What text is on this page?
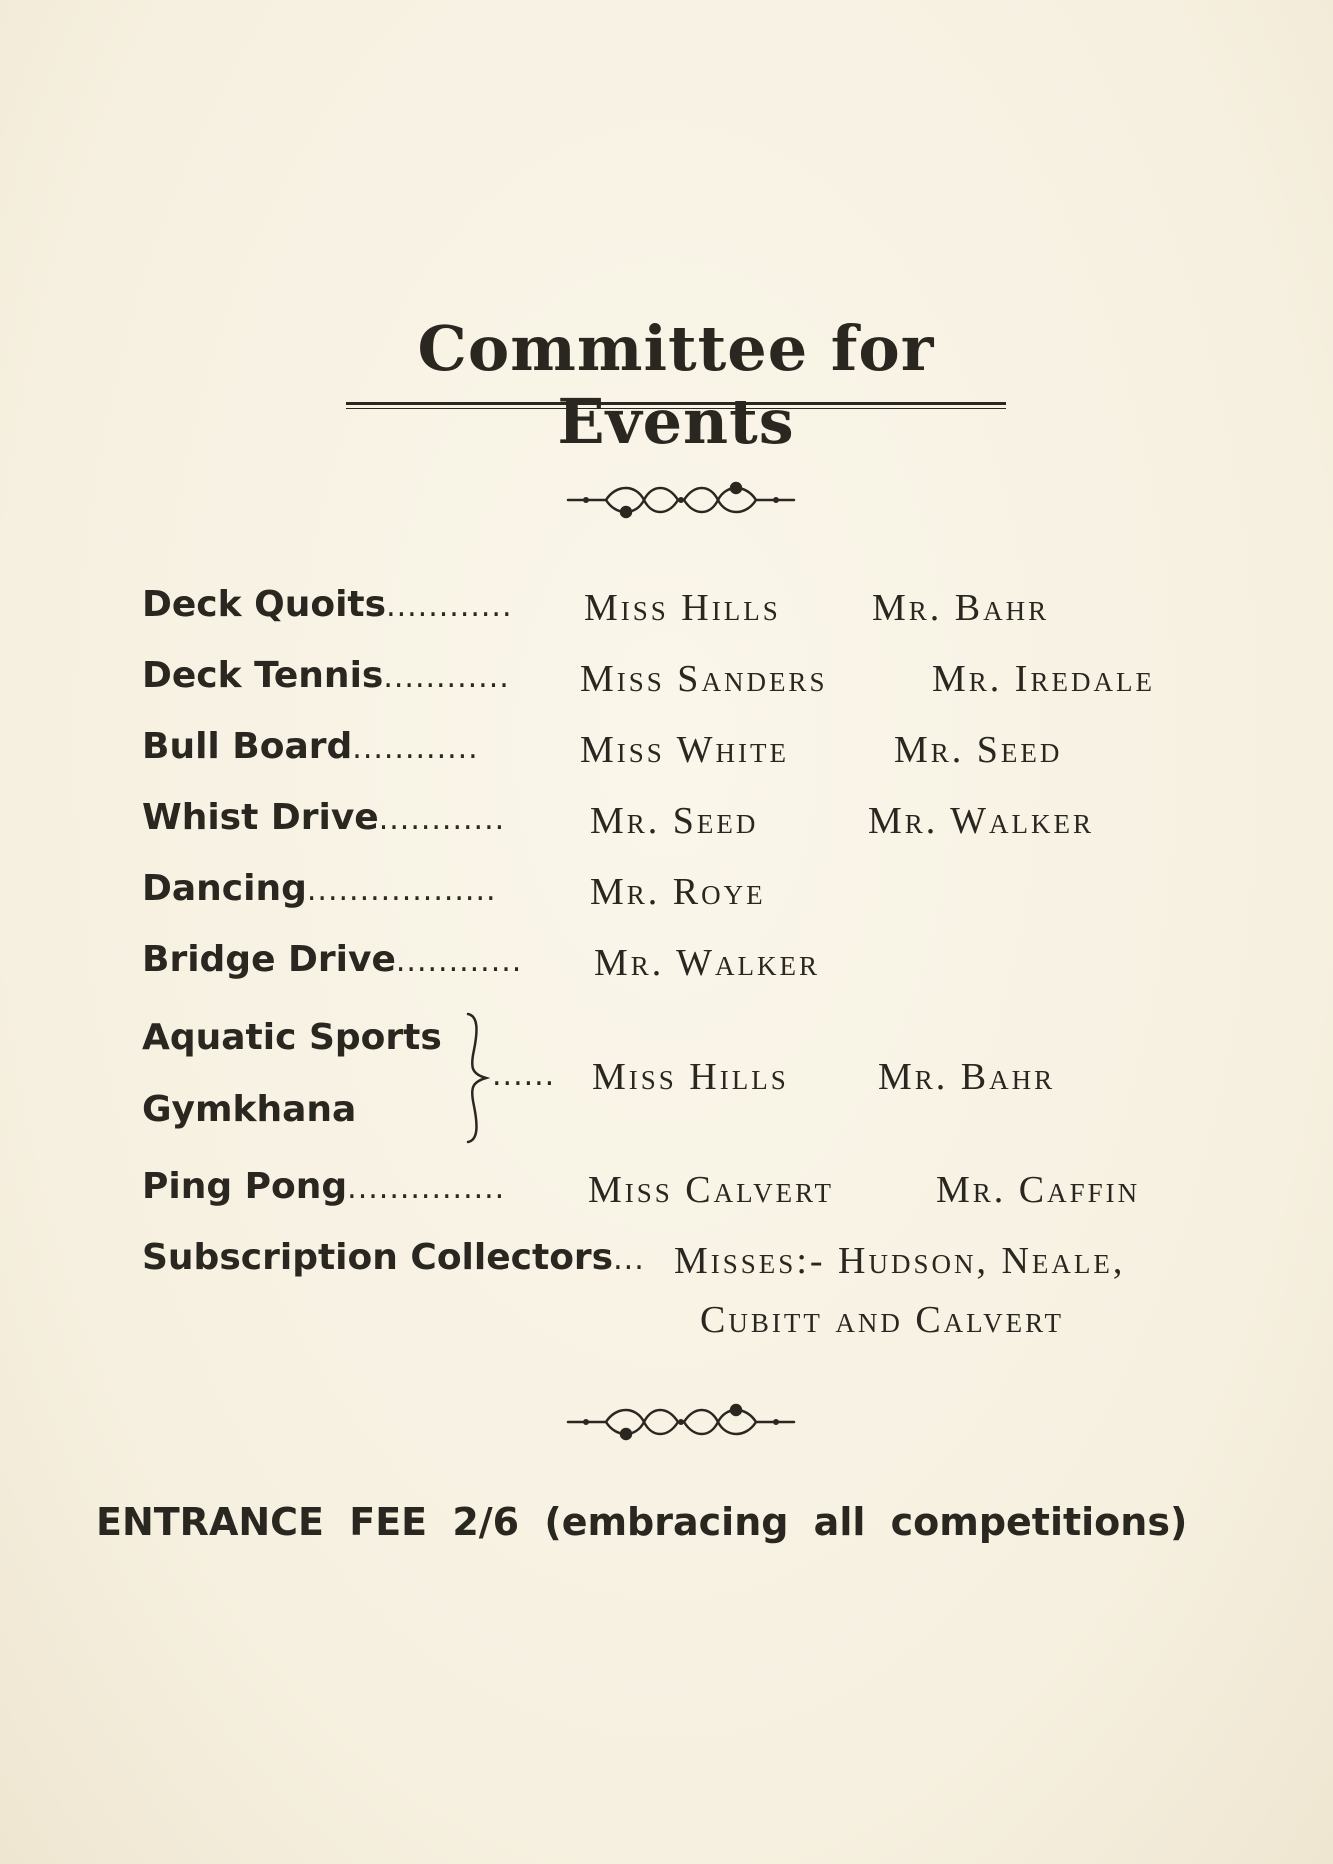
Committee for Events
Deck Quoits............ Miss Hills Mr. Bahr
Deck Tennis............ Miss Sanders	Mr. Iredale
Bull Board............	Miss White	Mr. Seed
Whist Drive............ Mr. Seed	Mr. Walker
Dancing.................. Mr. Roye
Bridge Drive............ Mr. Walker
Aquatic Sports
Gymkhana
...... Miss Hills Mr. Bahr
Ping Pong............... Miss Calvert	Mr. Caffin
Subscription Collectors... Misses:- Hudson, Neale,
Cubitt and Calvert
ENTRANCE FEE 2/6 (embracing all competitions)
